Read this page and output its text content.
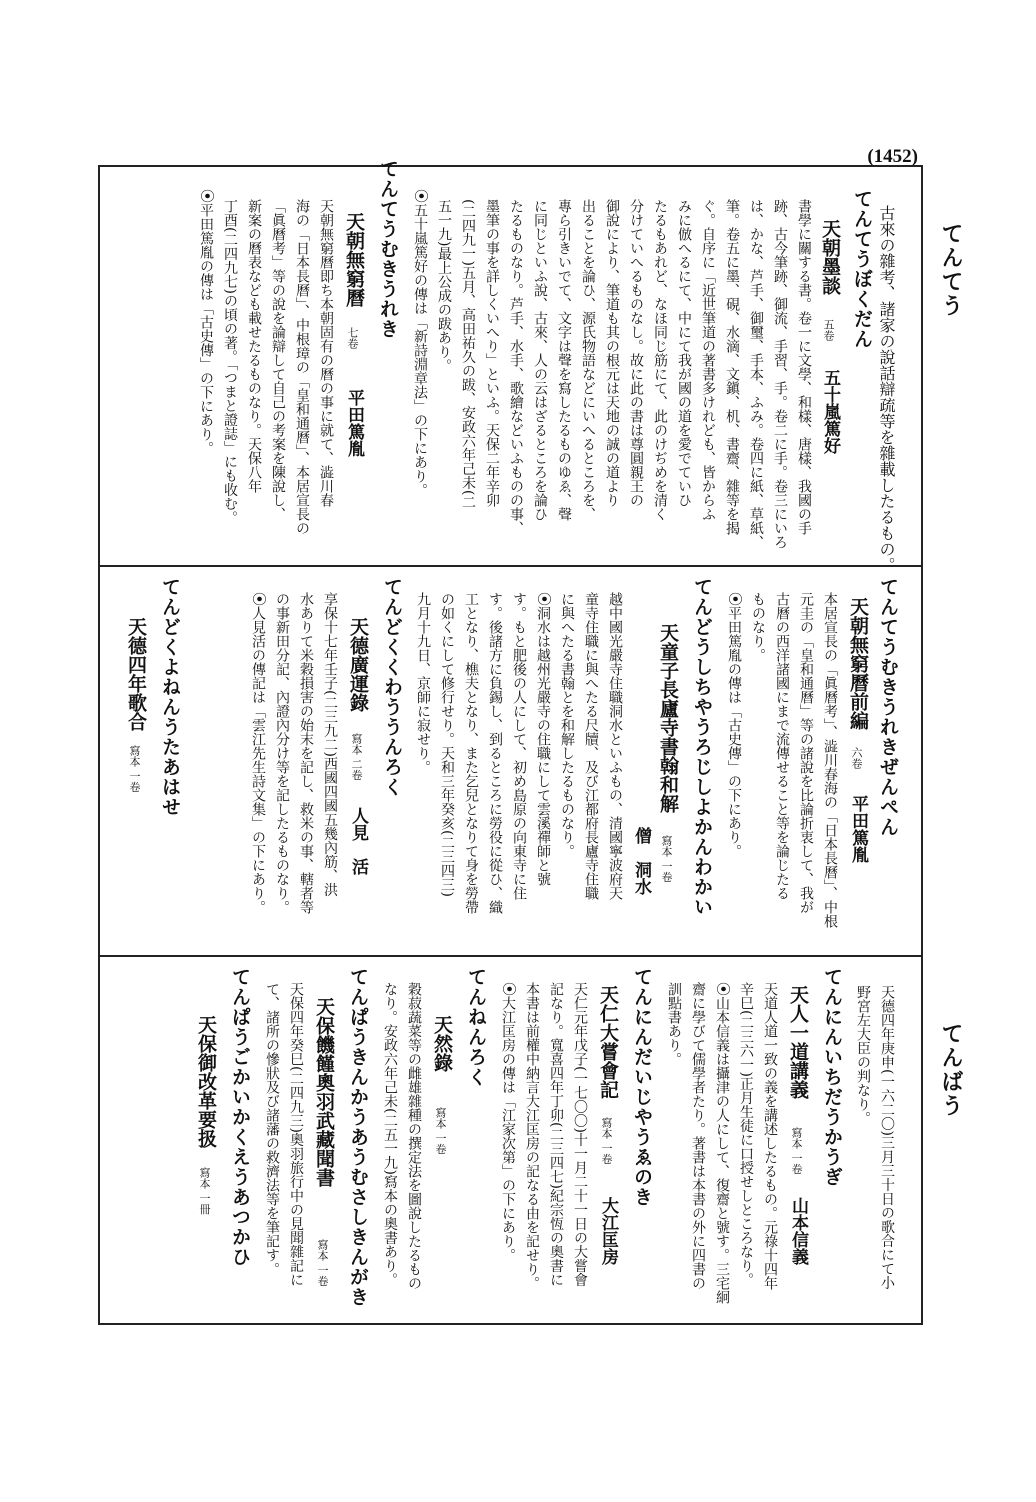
(1452)
てんてう
てんばう
古來の雜考、諸家の說話辯疏等を雜載したるもの。
てんてうぼくだん
天朝墨談
五卷
五十嵐篤好
書學に關する書。卷一に文學、和樣、唐樣、我國の手
跡、古今筆跡、御流、手習、手。卷二に手。卷三にいろ
は、かな、芦手、御璽、手本、ふみ。卷四に紙、草紙、
筆。卷五に墨、硯、水滴、文鎭、机、書齋、雜等を揭
ぐ。自序に「近世筆道の著書多けれども、皆からふ
みに倣へるにて、中にて我が國の道を愛でていひ
たるもあれど、なほ同じ筋にて、此のけぢめを清く
分けていへるものなし。故に此の書は尊圓親王の
御說により、筆道も其の根元は天地の誠の道より
出ることを論ひ、源氏物語などにいへるところを、
專ら引きいでて、文字は聲を寫したるものゆゑ、聲
に同じといふ說、古來、人の云はざるところを論ひ
たるものなり。芦手、水手、歌繪などいふものの事、
墨筆の事を詳しくいへり」といふ。天保二年辛卯
(二四九一)五月、高田祐久の跋、安政六年己未(二
五一九)最上公成の跋あり。
⦿五十嵐篤好の傳は「新詩淵章法」の下にあり。
てんてうむきうれき
天朝無窮曆
七卷
平田篤胤
天朝無窮曆即ち本朝固有の曆の事に就て、澁川春
海の「日本長曆」、中根璋の「皇和通曆」、本居宣長の
「眞曆考」等の說を論辯して自己の考案を陳說し、
新案の曆表なども載せたるものなり。天保八年
丁酉(二四九七)の頃の著。「つまと證誌」にも收む。
⦿平田篤胤の傳は「古史傳」の下にあり。
てんてうむきうれきぜんぺん
天朝無窮曆前編
六卷
平田篤胤
本居宣長の「眞曆考」、澁川春海の「日本長曆」、中根
元圭の「皇和通曆」等の諸說を比論折衷して、我が
古曆の西洋諸國にまで流傳せること等を論じたる
ものなり。
⦿平田篤胤の傳は「古史傳」の下にあり。
てんどうしちやうろじしよかんわかい
天童子長廬寺書翰和解
寫本 一卷
僧　洞水
越中國光嚴寺住職洞水といふもの、清國寧波府天
童寺住職に與へたる尺牘、及び江都府長廬寺住職
に與へたる書翰とを和解したるものなり。
⦿洞水は越州光嚴寺の住職にして雲溪禪師と號
す。もと肥後の人にして、初め島原の向東寺に住
す。後諸方に負錫し、到るところに勞役に從ひ、織
工となり、樵夫となり、また乞兒となりて身を勞帶
の如くにして修行せり。天和三年癸亥(二三四三)
九月十九日、京師に寂せり。
てんどくくわううんろく
天德廣運錄
寫本 二卷
人見　活
享保十七年壬子(二三九二)西國四國五幾內筋、洪
水ありて米穀損害の始末を記し、救米の事、轄者等
の事新田分記、內證內分け等を記したるものなり。
⦿人見活の傳記は「雲江先生詩文集」の下にあり。
てんどくよねんうたあはせ
天德四年歌合
寫本 一卷
天德四年庚申(一六二〇)三月三十日の歌合にて小
野宮左大臣の判なり。
てんにんいちだうかうぎ
天人一道講義
寫本 一卷
山本信義
天道人道一致の義を講述したるもの。元祿十四年
辛巳(二三六一)正月生徒に口授せしところなり。
⦿山本信義は攝津の人にして、復齋と號す。三宅絅
齋に學びて儒學者たり。著書は本書の外に四書の
訓點書あり。
てんにんだいじやうゑのき
天仁大嘗會記
寫本 一卷
大江匡房
天仁元年戊子(一七〇〇)十一月二十一日の大嘗會
記なり。寬喜四年丁卯(二三四七)紀宗恆の奧書に
本書は前權中納言大江匡房の記なる由を記せり。
⦿大江匡房の傳は「江家次第」の下にあり。
てんねんろく
天然錄
寫本 一卷
穀菽蔬菜等の雌雄雜種の撰定法を圖說したるもの
なり。安政六年己未(二五一九)寫本の奧書あり。
てんぱうきんかうあうむさしきんがき
天保饑饉奧羽武藏聞書
寫本 一卷
天保四年癸巳(二四九三)奧羽旅行中の見聞雜記に
て、諸所の慘狀及び諸藩の救濟法等を筆記す。
てんぱうごかいかくえうあつかひ
天保御改革要扱
寫本 一冊
